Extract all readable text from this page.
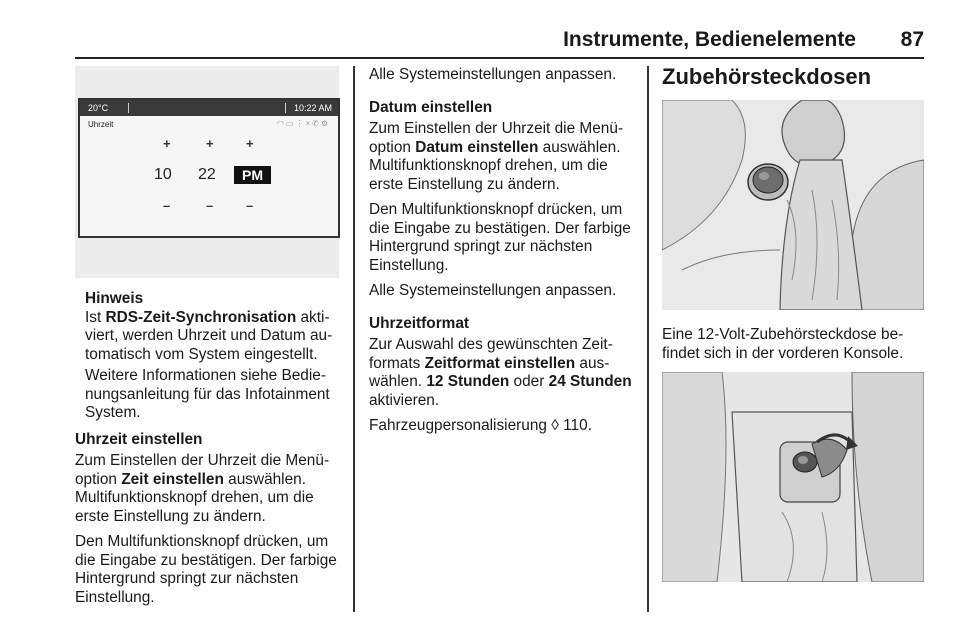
Instrumente, Bedienelemente 87
20°C	10:22 AM
Uhrzeit	◠▭⋮×✆⚙
+	+ +
10 22	PM
–	–	–

Hinweis
Ist RDS-Zeit-Synchronisation aktiviert, werden Uhrzeit und Datum automatisch vom System eingestellt.

Weitere Informationen siehe Bedienungsanleitung für das Infotainment System.

Uhrzeit einstellen

Zum Einstellen der Uhrzeit die Menüoption Zeit einstellen auswählen. Multifunktionsknopf drehen, um die erste Einstellung zu ändern.

Den Multifunktionsknopf drücken, um die Eingabe zu bestätigen. Der farbige Hintergrund springt zur nächsten Einstellung.

Alle Systemeinstellungen anpassen.

Datum einstellen

Zum Einstellen der Uhrzeit die Menüoption Datum einstellen auswählen. Multifunktionsknopf drehen, um die erste Einstellung zu ändern.

Den Multifunktionsknopf drücken, um die Eingabe zu bestätigen. Der farbige Hintergrund springt zur nächsten Einstellung.

Alle Systemeinstellungen anpassen.

Uhrzeitformat

Zur Auswahl des gewünschten Zeitformats Zeitformat einstellen auswählen. 12 Stunden oder 24 Stunden aktivieren.

Fahrzeugpersonalisierung ◊ 110.

Zubehörsteckdosen

Eine 12-Volt-Zubehörsteckdose befindet sich in der vorderen Konsole.
